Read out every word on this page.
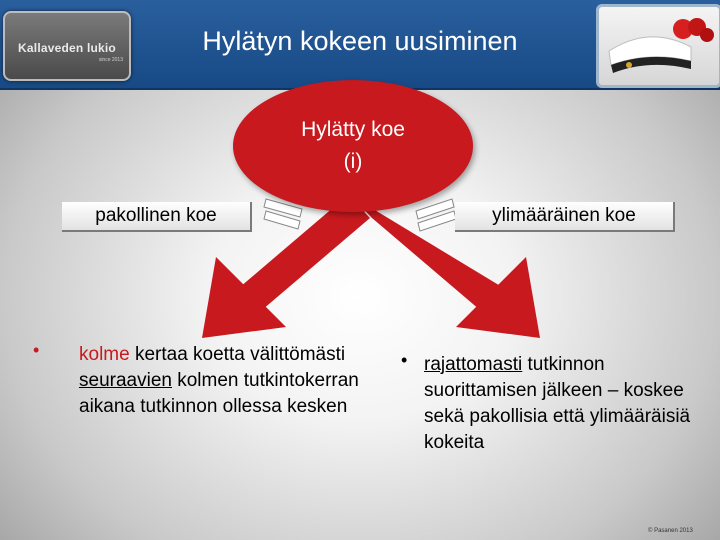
Kallaveden lukio
since 2013
Hylätyn kokeen uusiminen
Hylätty koe
(i)
pakollinen koe	ylimääräinen koe
• kolme kertaa koetta välittömästi seuraavien kolmen tutkintokerran aikana tutkinnon ollessa kesken
• rajattomasti tutkinnon suorittamisen jälkeen – koskee sekä pakollisia että ylimääräisiä kokeita
© Pasanen 2013
